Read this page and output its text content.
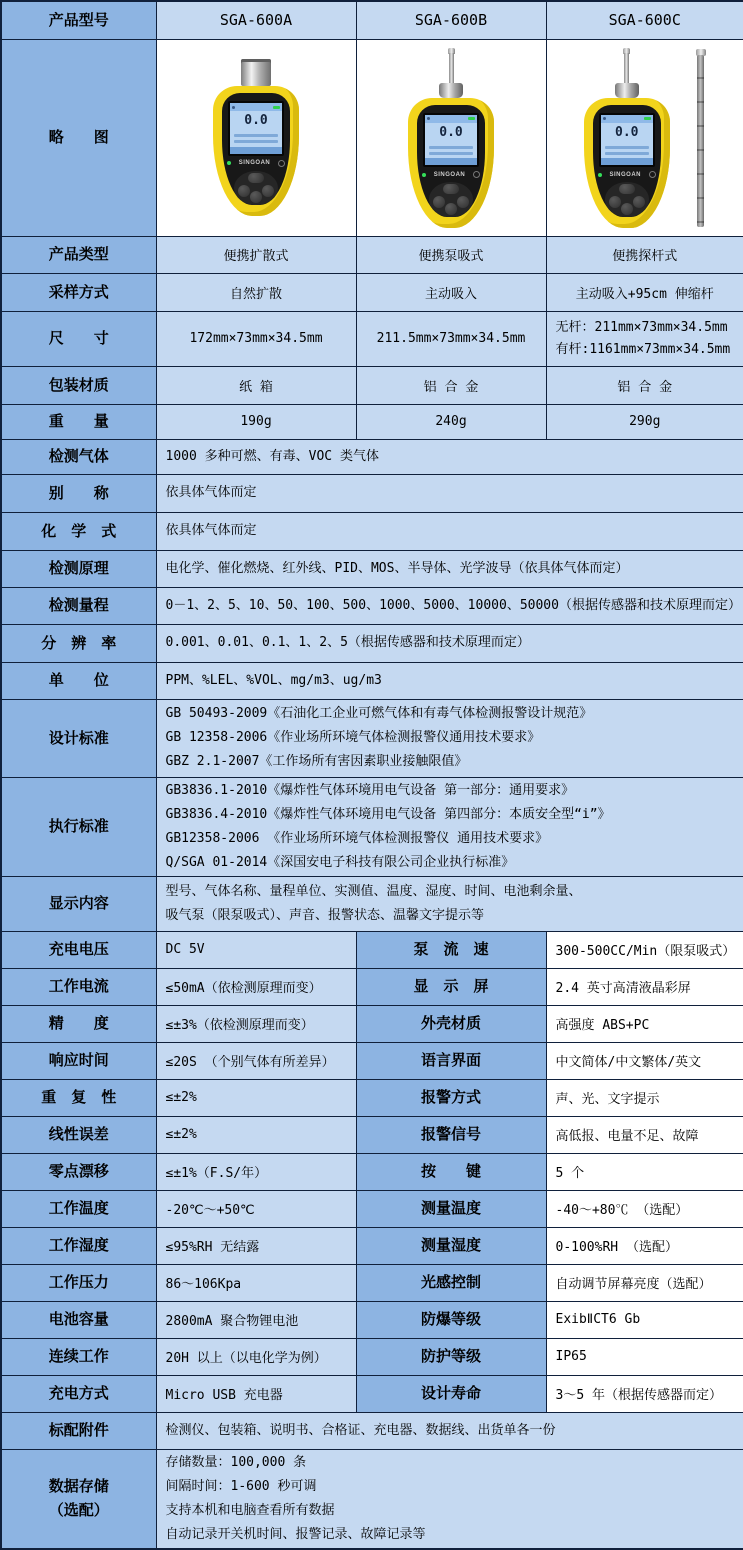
产品型号	SGA-600A	SGA-600B	SGA-600C
略　　图	
0.0
SINGOAN

0.0
SINGOAN

0.0
SINGOAN

产品类型	便携扩散式	便携泵吸式	便携探杆式
采样方式	自然扩散	主动吸入	主动吸入+95cm 伸缩杆
尺　　寸	172mm×73mm×34.5mm	211.5mm×73mm×34.5mm	无杆：211mm×73mm×34.5mm
有杆:1161mm×73mm×34.5mm

包装材质	纸 箱	铝 合 金	铝 合 金
重　　量	190g	240g	290g
检测气体	1000 多种可燃、有毒、VOC 类气体		

别　　称	依具体气体而定		

化　学　式	依具体气体而定		

检测原理	电化学、催化燃烧、红外线、PID、MOS、半导体、光学波导（依具体气体而定）		

检测量程	0－1、2、5、10、50、100、500、1000、5000、10000、50000（根据传感器和技术原理而定）		

分　辨　率	0.001、0.01、0.1、1、2、5（根据传感器和技术原理而定）		

单　　位	PPM、%LEL、%VOL、mg/m3、ug/m3		

设计标准	GB 50493-2009《石油化工企业可燃气体和有毒气体检测报警设计规范》
GB 12358-2006《作业场所环境气体检测报警仪通用技术要求》
GBZ 2.1-2007《工作场所有害因素职业接触限值》		

执行标准	GB3836.1-2010《爆炸性气体环境用电气设备 第一部分：通用要求》
GB3836.4-2010《爆炸性气体环境用电气设备 第四部分：本质安全型“i”》
GB12358-2006 《作业场所环境气体检测报警仪 通用技术要求》
Q/SGA 01-2014《深国安电子科技有限公司企业执行标准》		

显示内容	型号、气体名称、量程单位、实测值、温度、湿度、时间、电池剩余量、
吸气泵（限泵吸式）、声音、报警状态、温馨文字提示等		

充电电压	DC 5V	泵　流　速	300-500CC/Min（限泵吸式）
工作电流	≤50mA（依检测原理而变）	显　示　屏	2.4 英寸高清液晶彩屏
精　　度	≤±3%（依检测原理而变）	外壳材质	高强度 ABS+PC
响应时间	≤20S （个别气体有所差异）	语言界面	中文简体/中文繁体/英文
重　复　性	≤±2%	报警方式	声、光、文字提示
线性误差	≤±2%	报警信号	高低报、电量不足、故障
零点漂移	≤±1%（F.S/年）	按　　键	5 个
工作温度	-20℃～+50℃	测量温度	-40～+80℃ （选配）
工作湿度	≤95%RH 无结露	测量湿度	0-100%RH （选配）
工作压力	86～106Kpa	光感控制	自动调节屏幕亮度（选配）
电池容量	2800mA 聚合物锂电池	防爆等级	ExibⅡCT6 Gb
连续工作	20H 以上（以电化学为例）	防护等级	IP65
充电方式	Micro USB 充电器	设计寿命	3～5 年（根据传感器而定）

标配附件	检测仪、包装箱、说明书、合格证、充电器、数据线、出货单各一份		

数据存储
（选配）

存储数量：100,000 条
间隔时间：1-600 秒可调
支持本机和电脑查看所有数据
自动记录开关机时间、报警记录、故障记录等
